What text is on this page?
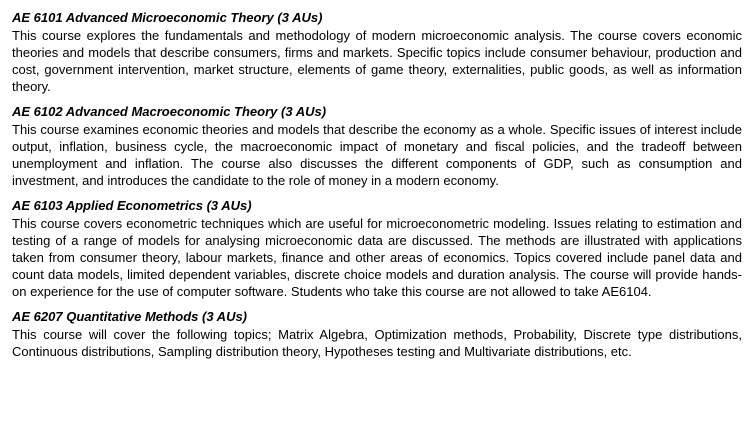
AE 6101 Advanced Microeconomic Theory (3 AUs)

This course explores the fundamentals and methodology of modern microeconomic analysis. The course covers economic theories and models that describe consumers, firms and markets. Specific topics include consumer behaviour, production and cost, government intervention, market structure, elements of game theory, externalities, public goods, as well as information theory.

AE 6102 Advanced Macroeconomic Theory (3 AUs)

This course examines economic theories and models that describe the economy as a whole. Specific issues of interest include output, inflation, business cycle, the macroeconomic impact of monetary and fiscal policies, and the tradeoff between unemployment and inflation. The course also discusses the different components of GDP, such as consumption and investment, and introduces the candidate to the role of money in a modern economy.

AE 6103 Applied Econometrics (3 AUs)

This course covers econometric techniques which are useful for microeconometric modeling. Issues relating to estimation and testing of a range of models for analysing microeconomic data are discussed. The methods are illustrated with applications taken from consumer theory, labour markets, finance and other areas of economics. Topics covered include panel data and count data models, limited dependent variables, discrete choice models and duration analysis. The course will provide hands-on experience for the use of computer software. Students who take this course are not allowed to take AE6104.

AE 6207 Quantitative Methods (3 AUs)

This course will cover the following topics; Matrix Algebra, Optimization methods, Probability, Discrete type distributions, Continuous distributions, Sampling distribution theory, Hypotheses testing and Multivariate distributions, etc.
